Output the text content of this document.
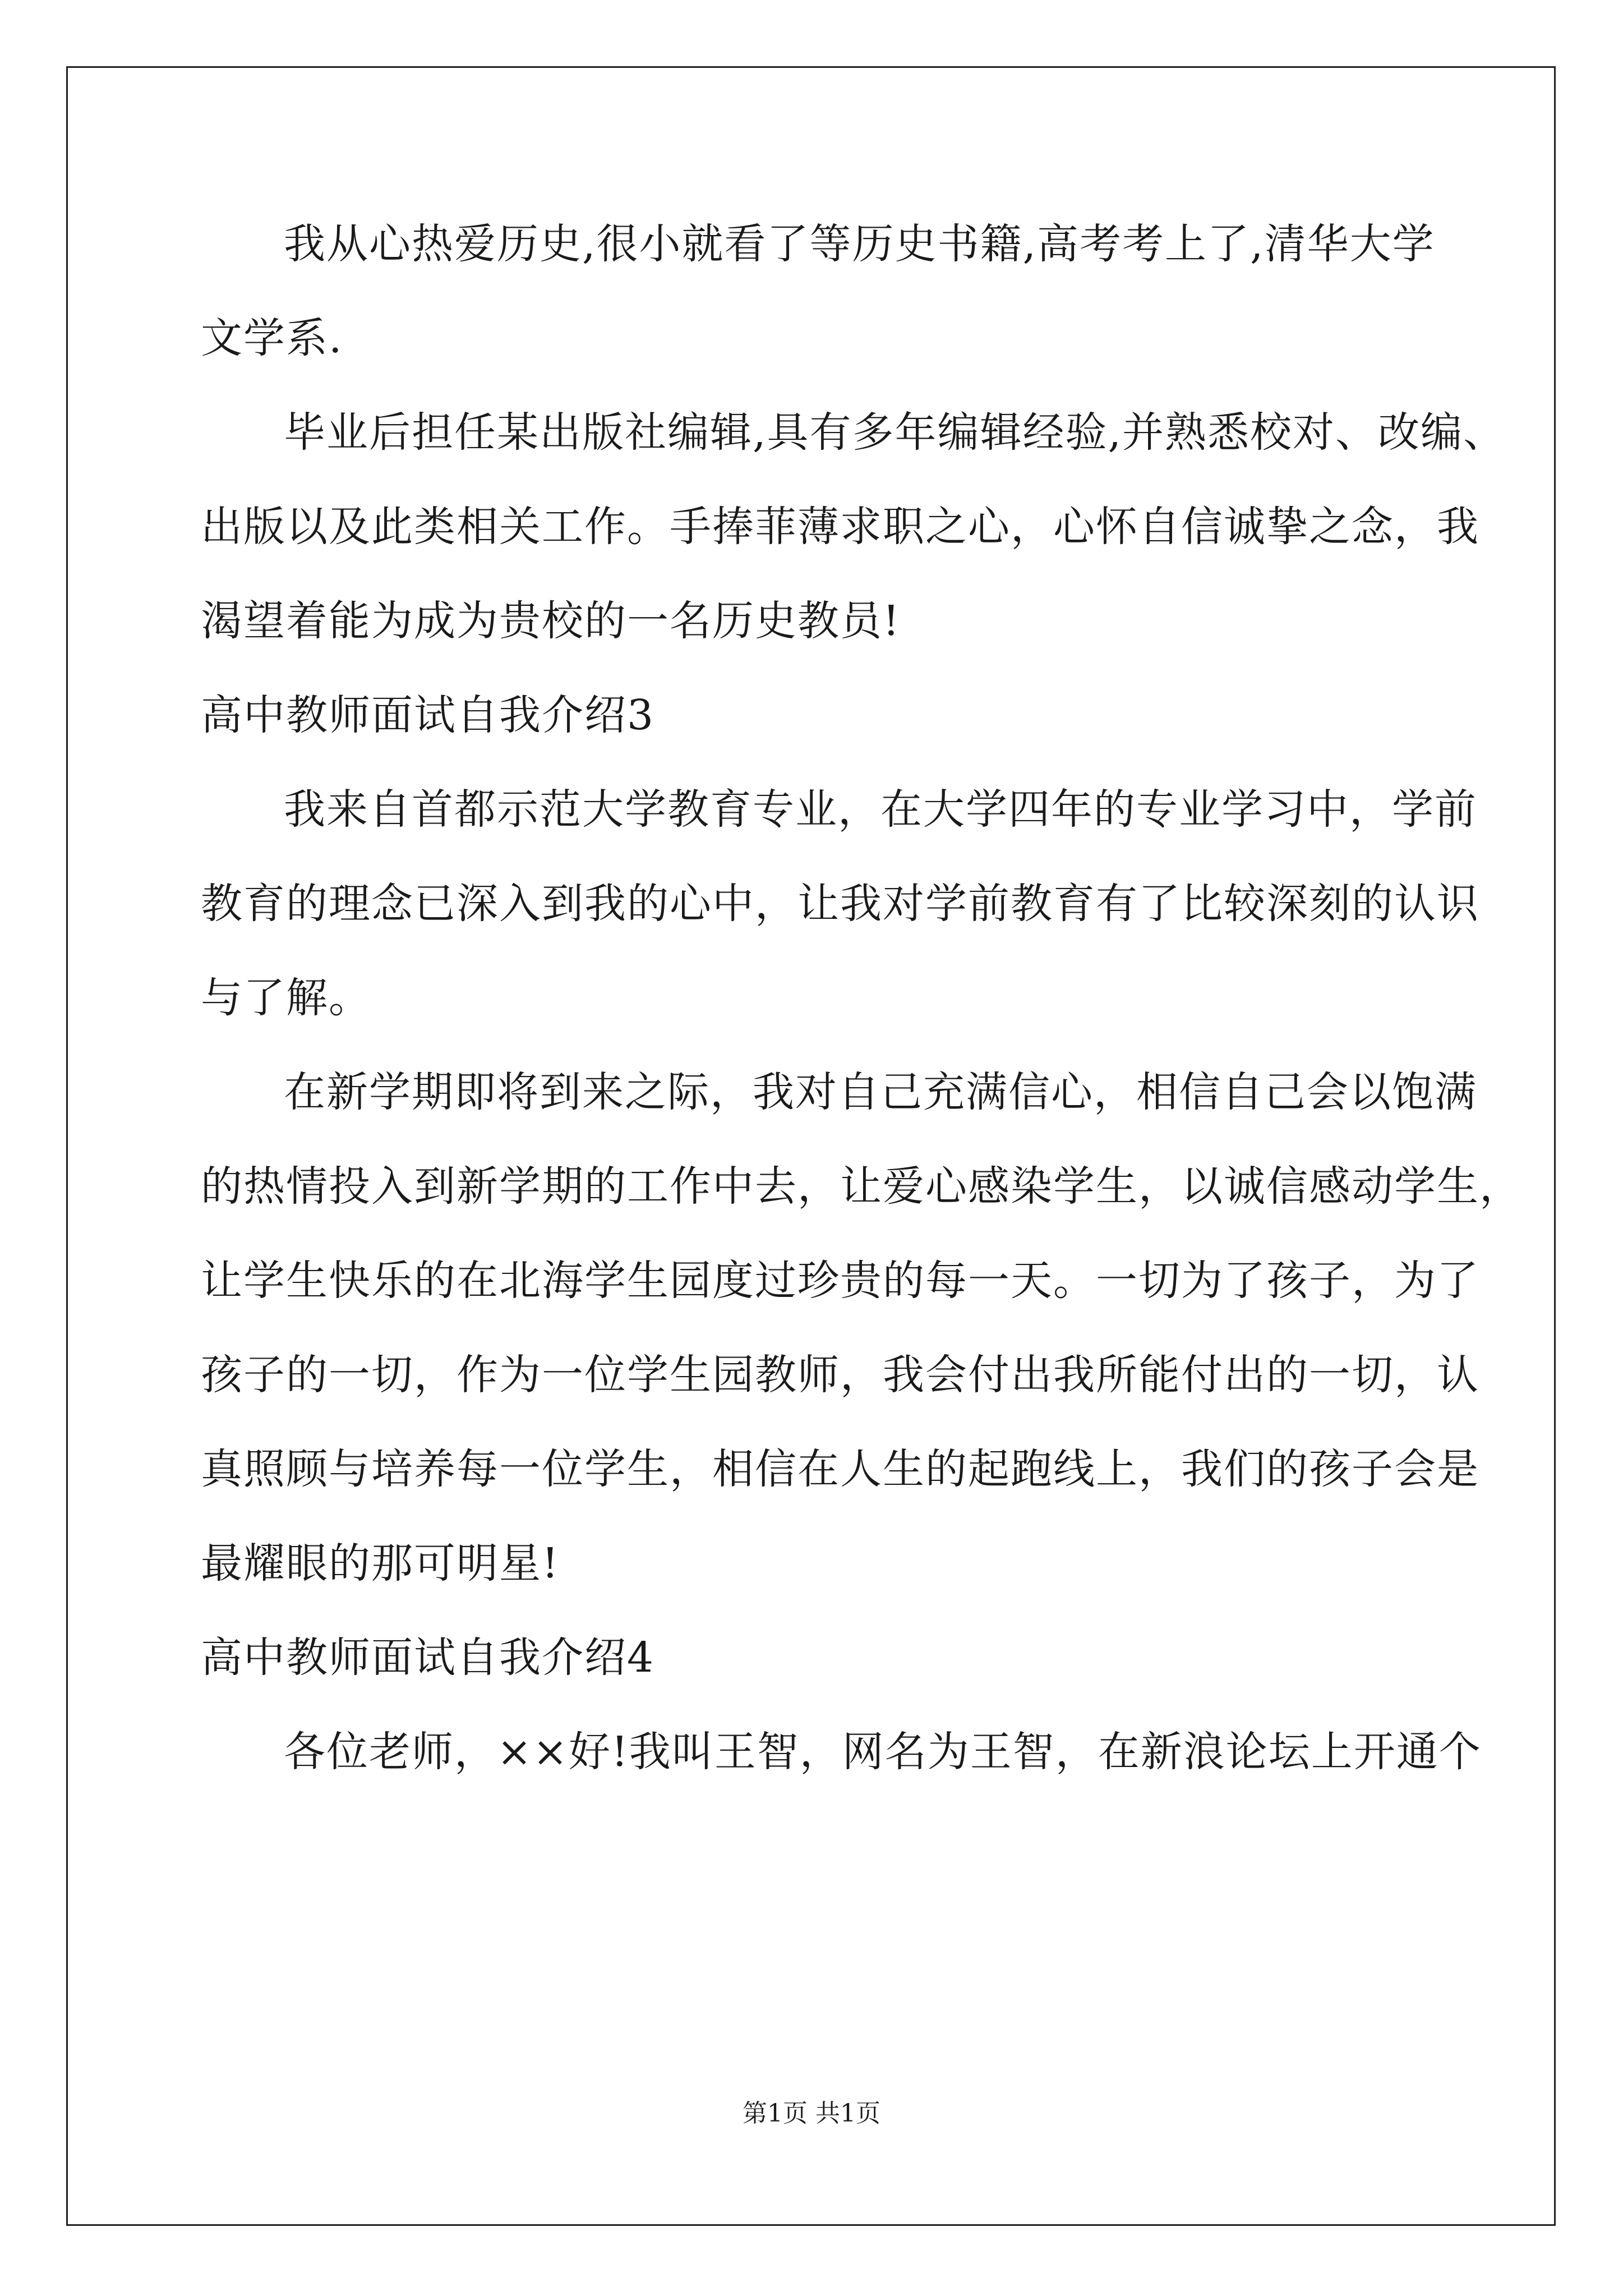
我从心热爱历史,很小就看了等历史书籍,高考考上了,清华大学
文学系.
毕业后担任某出版社编辑,具有多年编辑经验,并熟悉校对、改编、
出版以及此类相关工作。手捧菲薄求职之心，心怀自信诚挚之念，我
渴望着能为成为贵校的一名历史教员!
高中教师面试自我介绍3
我来自首都示范大学教育专业，在大学四年的专业学习中，学前
教育的理念已深入到我的心中，让我对学前教育有了比较深刻的认识
与了解。
在新学期即将到来之际，我对自己充满信心，相信自己会以饱满
的热情投入到新学期的工作中去，让爱心感染学生，以诚信感动学生，
让学生快乐的在北海学生园度过珍贵的每一天。一切为了孩子，为了
孩子的一切，作为一位学生园教师，我会付出我所能付出的一切，认
真照顾与培养每一位学生，相信在人生的起跑线上，我们的孩子会是
最耀眼的那可明星!
高中教师面试自我介绍4
各位老师，××好!我叫王智，网名为王智，在新浪论坛上开通个
第1页 共1页
